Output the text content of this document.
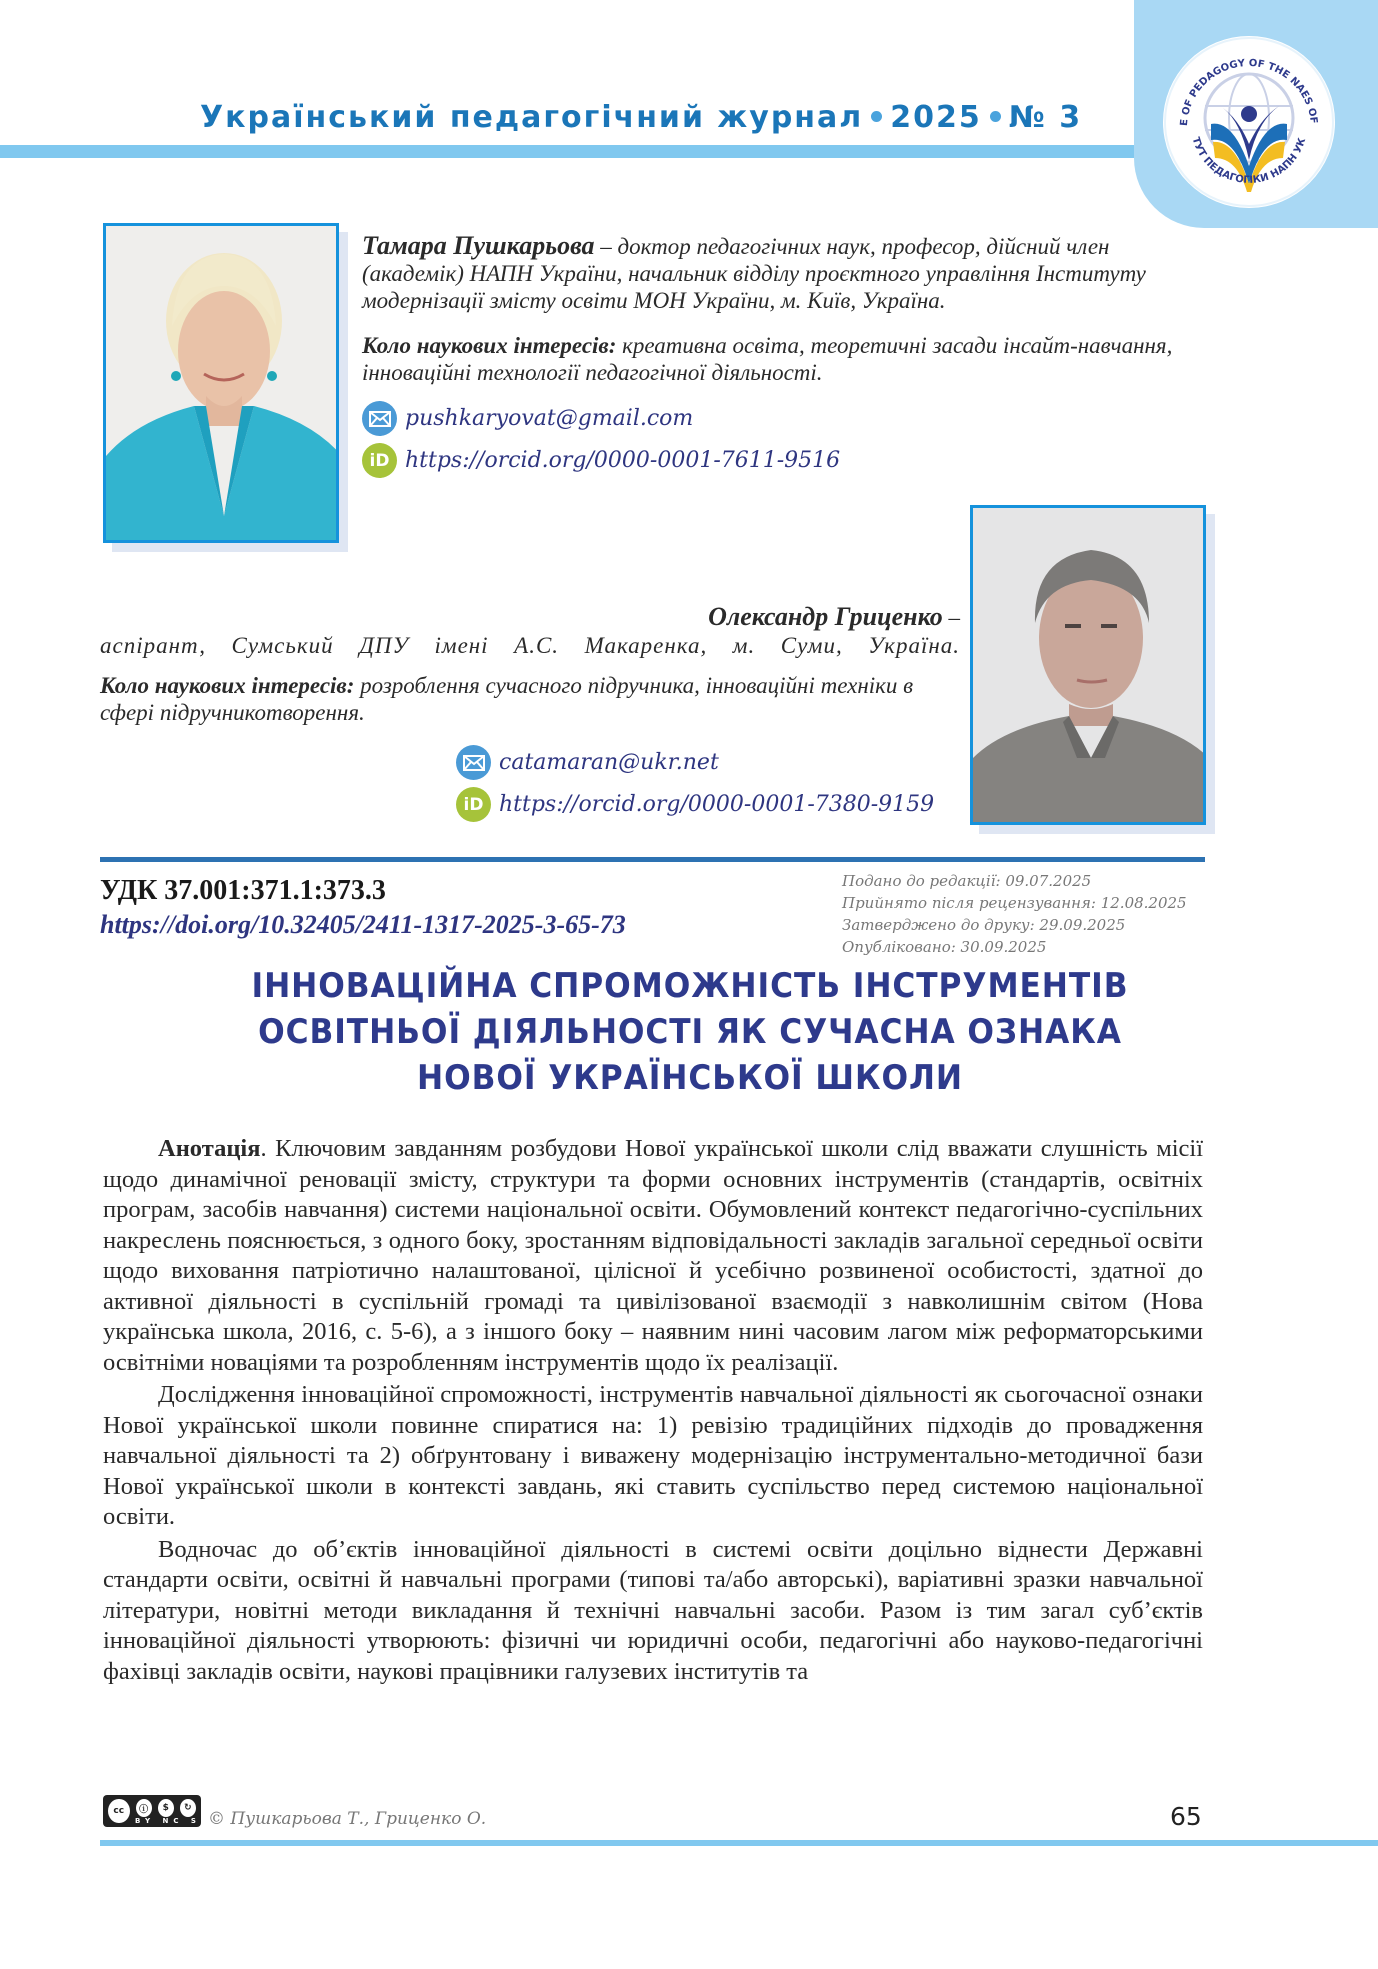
Український педагогічний журнал 2025 № 3	E OF PEDAGOGY OF THE NAES OF
ТУТ ПЕДАГОГІКИ НАПН УК
Тамара Пушкарьова – доктор педагогічних наук, професор, дійсний член (академік) НАПН України, начальник відділу проєктного управління Інституту модернізації змісту освіти МОН України, м. Київ, Україна.
Коло наукових інтересів: креативна освіта, теоретичні засади інсайт-навчання, інноваційні технології педагогічної діяльності.
pushkaryovat@gmail.com
iD https://orcid.org/0000-0001-7611-9516
Олександр Гриценко –
аспірант, Сумський ДПУ імені А.С. Макаренка, м. Суми, Україна.
Коло наукових інтересів: розроблення сучасного підручника, інноваційні техніки в сфері підручникотворення.
catamaran@ukr.net
iD https://orcid.org/0000-0001-7380-9159
УДК 37.001:371.1:373.3
https://doi.org/10.32405/2411-1317-2025-3-65-73
Подано до редакції: 09.07.2025
Прийнято після рецензування: 12.08.2025
Затверджено до друку: 29.09.2025
Опубліковано: 30.09.2025
ІННОВАЦІЙНА СПРОМОЖНІСТЬ ІНСТРУМЕНТІВ
ОСВІТНЬОЇ ДІЯЛЬНОСТІ ЯК СУЧАСНА ОЗНАКА
НОВОЇ УКРАЇНСЬКОЇ ШКОЛИ

Анотація. Ключовим завданням розбудови Нової української школи слід вважати слушність місії щодо динамічної реновації змісту, структури та форми основних інструментів (стандартів, освітніх програм, засобів навчання) системи національної освіти. Обумовлений контекст педагогічно-суспільних накреслень пояснюється, з одного боку, зростанням відповідальності закладів загальної середньої освіти щодо виховання патріотично налаштованої, цілісної й усебічно розвиненої особистості, здатної до активної діяльності в суспільній громаді та цивілізованої взаємодії з навколишнім світом (Нова українська школа, 2016, с. 5-6), а з іншого боку – наявним нині часовим лагом між реформаторськими освітніми новаціями та розробленням інструментів щодо їх реалізації.

Дослідження інноваційної спроможності, інструментів навчальної діяльності як сьогочасної ознаки Нової української школи повинне спиратися на: 1) ревізію традиційних підходів до провадження навчальної діяльності та 2) обґрунтовану і виважену модернізацію інструментально-методичної бази Нової української школи в контексті завдань, які ставить суспільство перед системою національної освіти.

Водночас до об’єктів інноваційної діяльності в системі освіти доцільно віднести Державні стандарти освіти, освітні й навчальні програми (типові та/або авторські), варіативні зразки навчальної літератури, новітні методи викладання й технічні навчальні засоби. Разом із тим загал суб’єктів інноваційної діяльності утворюють: фізичні чи юридичні особи, педагогічні або науково-педагогічні фахівці закладів освіти, наукові працівники галузевих інститутів та

cc	ⓘ	$	↻
BY NC SA
© Пушкарьова Т., Гриценко О.	65
